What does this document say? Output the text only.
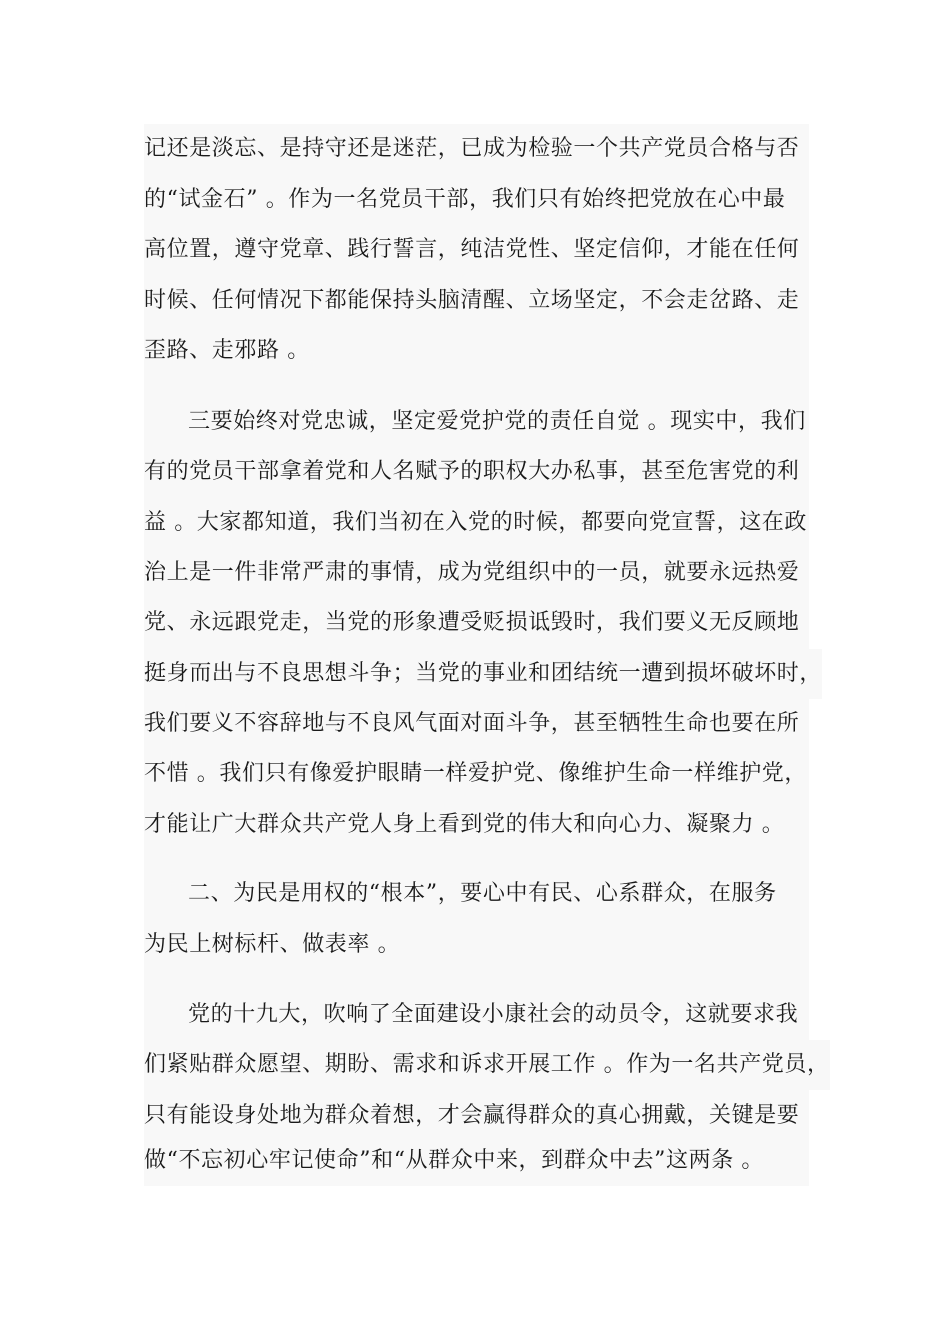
记还是淡忘、是持守还是迷茫，已成为检验一个共产党员合格与否
的“试金石” 。作为一名党员干部，我们只有始终把党放在心中最
高位置，遵守党章、践行誓言，纯洁党性、坚定信仰，才能在任何
时候、任何情况下都能保持头脑清醒、立场坚定，不会走岔路、走
歪路、走邪路 。
三要始终对党忠诚，坚定爱党护党的责任自觉 。现实中，我们
有的党员干部拿着党和人名赋予的职权大办私事，甚至危害党的利
益 。大家都知道，我们当初在入党的时候，都要向党宣誓，这在政
治上是一件非常严肃的事情，成为党组织中的一员，就要永远热爱
党、永远跟党走，当党的形象遭受贬损诋毁时，我们要义无反顾地
挺身而出与不良思想斗争；当党的事业和团结统一遭到损坏破坏时，
我们要义不容辞地与不良风气面对面斗争，甚至牺牲生命也要在所
不惜 。我们只有像爱护眼睛一样爱护党、像维护生命一样维护党，
才能让广大群众共产党人身上看到党的伟大和向心力、凝聚力 。
二、为民是用权的“根本”，要心中有民、心系群众，在服务
为民上树标杆、做表率 。
党的十九大，吹响了全面建设小康社会的动员令，这就要求我
们紧贴群众愿望、期盼、需求和诉求开展工作 。作为一名共产党员，
只有能设身处地为群众着想，才会赢得群众的真心拥戴，关键是要
做“不忘初心牢记使命”和“从群众中来，到群众中去”这两条 。
